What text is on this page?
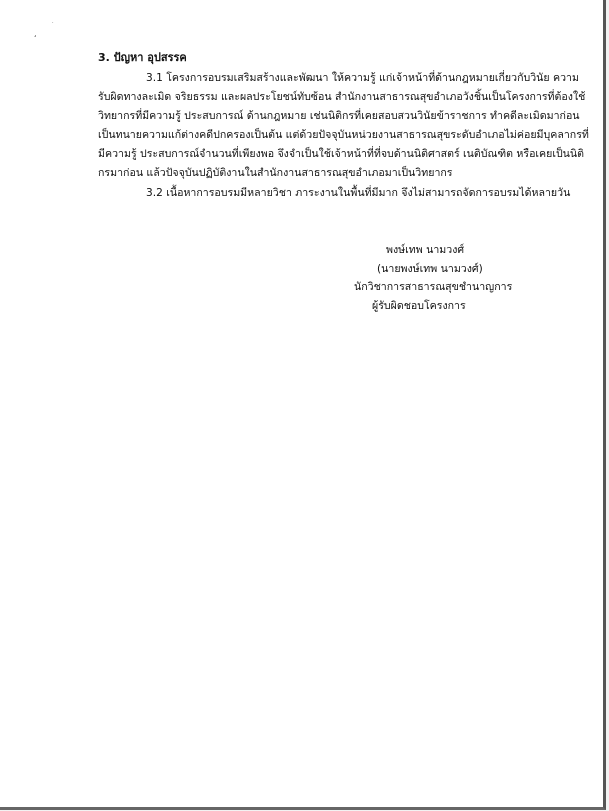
ʻ
·
3. ปัญหา อุปสรรค
3.1 โครงการอบรมเสริมสร้างและพัฒนา ให้ความรู้ แก่เจ้าหน้าที่ด้านกฎหมายเกี่ยวกับวินัย ความ
รับผิดทางละเมิด จริยธรรม และผลประโยชน์ทับซ้อน สำนักงานสาธารณสุขอำเภอวังชิ้นเป็นโครงการที่ต้องใช้
วิทยากรที่มีความรู้ ประสบการณ์ ด้านกฎหมาย เช่นนิติกรที่เคยสอบสวนวินัยข้าราชการ ทำคดีละเมิดมาก่อน
เป็นทนายความแก้ต่างคดีปกครองเป็นต้น แต่ด้วยปัจจุบันหน่วยงานสาธารณสุขระดับอำเภอไม่ค่อยมีบุคลากรที่
มีความรู้ ประสบการณ์จำนวนที่เพียงพอ จึงจำเป็นใช้เจ้าหน้าที่ที่จบด้านนิติศาสตร์ เนติบัณฑิต หรือเคยเป็นนิติ
กรมาก่อน แล้วปัจจุบันปฏิบัติงานในสำนักงานสาธารณสุขอำเภอมาเป็นวิทยากร
3.2 เนื้อหาการอบรมมีหลายวิชา ภาระงานในพื้นที่มีมาก จึงไม่สามารถจัดการอบรมได้หลายวัน
พงษ์เทพ นามวงศ์
(นายพงษ์เทพ นามวงศ์)
นักวิชาการสาธารณสุขชำนาญการ
ผู้รับผิดชอบโครงการ
